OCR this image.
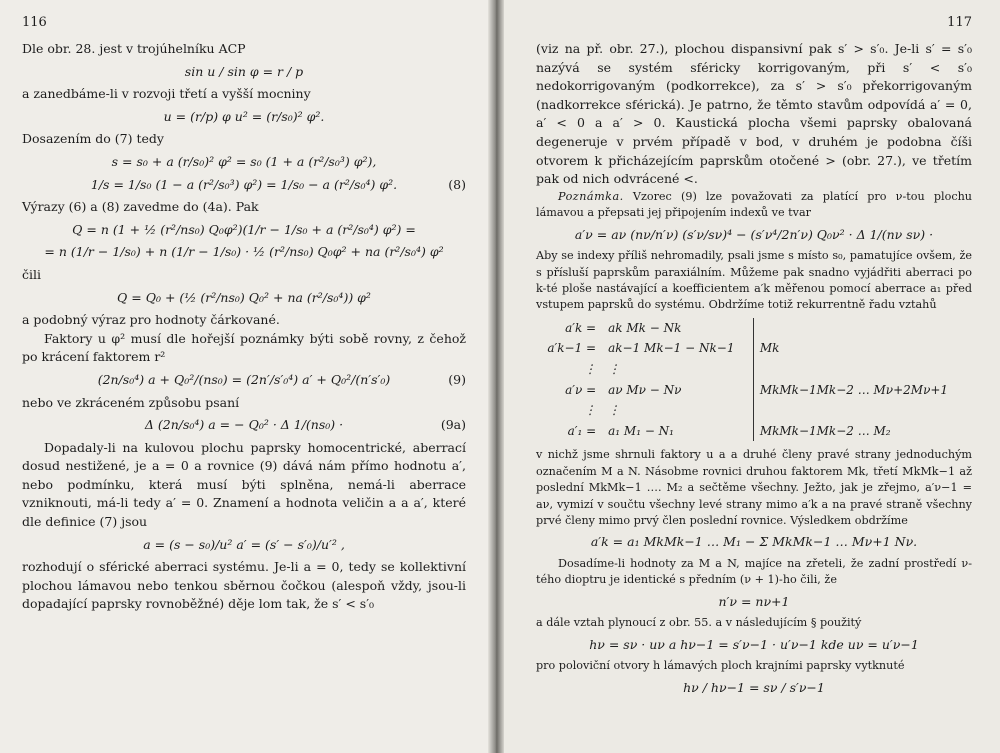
116

Dle obr. 28. jest v trojúhelníku ACP

sin u / sin φ = r / p

a zanedbáme-li v rozvoji třetí a vyšší mocniny

u = (r/p) φ u² = (r/s₀)² φ².

Dosazením do (7) tedy

s = s₀ + a (r/s₀)² φ² = s₀ (1 + a (r²/s₀³) φ²),
1/s = 1/s₀ (1 − a (r²/s₀³) φ²) = 1/s₀ − a (r²/s₀⁴) φ².	(8)

Výrazy (6) a (8) zavedme do (4a). Pak

Q = n (1 + ½ (r²/ns₀) Q₀φ²)(1/r − 1/s₀ + a (r²/s₀⁴) φ²) =
= n (1/r − 1/s₀) + n (1/r − 1/s₀) · ½ (r²/ns₀) Q₀φ² + na (r²/s₀⁴) φ²

čili

Q = Q₀ + (½ (r²/ns₀) Q₀² + na (r²/s₀⁴)) φ²

a podobný výraz pro hodnoty čárkované.

Faktory u φ² musí dle hořejší poznámky býti sobě rovny, z čehož po krácení faktorem r²

(2n/s₀⁴) a + Q₀²/(ns₀) = (2n′/s′₀⁴) a′ + Q₀²/(n′s′₀)	(9)

nebo ve zkráceném způsobu psaní

Δ (2n/s₀⁴) a = − Q₀² · Δ 1/(ns₀) ·	(9a)

Dopadaly-li na kulovou plochu paprsky homocentrické, aberrací dosud nestižené, je a = 0 a rovnice (9) dává nám přímo hodnotu a′, nebo podmínku, která musí býti splněna, nemá-li aberrace vzniknouti, má-li tedy a′ = 0. Znamení a hodnota veličin a a a′, které dle definice (7) jsou

a = (s − s₀)/u² a′ = (s′ − s′₀)/u′² ,

rozhodují o sférické aberraci systému. Je-li a = 0, tedy se kollektivní plochou lámavou nebo tenkou sběrnou čočkou (alespoň vždy, jsou-li dopadající paprsky rovnoběžné) děje lom tak, že s′ < s′₀

117

(viz na př. obr. 27.), plochou dispansivní pak s′ > s′₀. Je-li s′ = s′₀ nazývá se systém sféricky korrigovaným, při s′ < s′₀ nedokorrigovaným (podkorrekce), za s′ > s′₀ překorrigovaným (nadkorrekce sférická). Je patrno, že těmto stavům odpovídá a′ = 0, a′ < 0 a a′ > 0. Kaustická plocha všemi paprsky obalovaná degeneruje v prvém případě v bod, v druhém je podobna číši otvorem k přicházejícím paprskům otočené > (obr. 27.), ve třetím pak od nich odvrácené <.

Poznámka. Vzorec (9) lze považovati za platící pro ν-tou plochu lámavou a přepsati jej připojením indexů ve tvar

a′ν = aν (nν/n′ν) (s′ν/sν)⁴ − (s′ν⁴/2n′ν) Q₀ν² · Δ 1/(nν sν) ·

Aby se indexy příliš nehromadily, psali jsme s místo s₀, pamatujíce ovšem, že s přísluší paprskům paraxiálním. Můžeme pak snadno vyjádřiti aberraci po k-té ploše nastávající a koefficientem a′k měřenou pomocí aberrace a₁ před vstupem paprsků do systému. Obdržíme totiž rekurrentně řadu vztahů

a′k =	ak Mk − Nk	
a′k−1 =	ak−1 Mk−1 − Nk−1	Mk
⋮	⋮	
a′ν =	aν Mν − Nν	MkMk−1Mk−2 … Mν+2Mν+1
⋮	⋮	
a′₁ =	a₁ M₁ − N₁	MkMk−1Mk−2 … M₂

v nichž jsme shrnuli faktory u a a druhé členy pravé strany jednoduchým označením M a N. Násobme rovnici druhou faktorem Mk, třetí MkMk−1 až poslední MkMk−1 …. M₂ a sečtěme všechny. Ježto, jak je zřejmo, a′ν−1 = aν, vymizí v součtu všechny levé strany mimo a′k a na pravé straně všechny prvé členy mimo prvý člen poslední rovnice. Výsledkem obdržíme

a′k = a₁ MkMk−1 … M₁ − Σ MkMk−1 … Mν+1 Nν.

Dosadíme-li hodnoty za M a N, majíce na zřeteli, že zadní prostředí ν-tého dioptru je identické s předním (ν + 1)-ho čili, že

n′ν = nν+1

a dále vztah plynoucí z obr. 55. a v následujícím § použitý

hν = sν · uν a hν−1 = s′ν−1 · u′ν−1 kde uν = u′ν−1

pro poloviční otvory h lámavých ploch krajními paprsky vytknuté

hν / hν−1 = sν / s′ν−1
